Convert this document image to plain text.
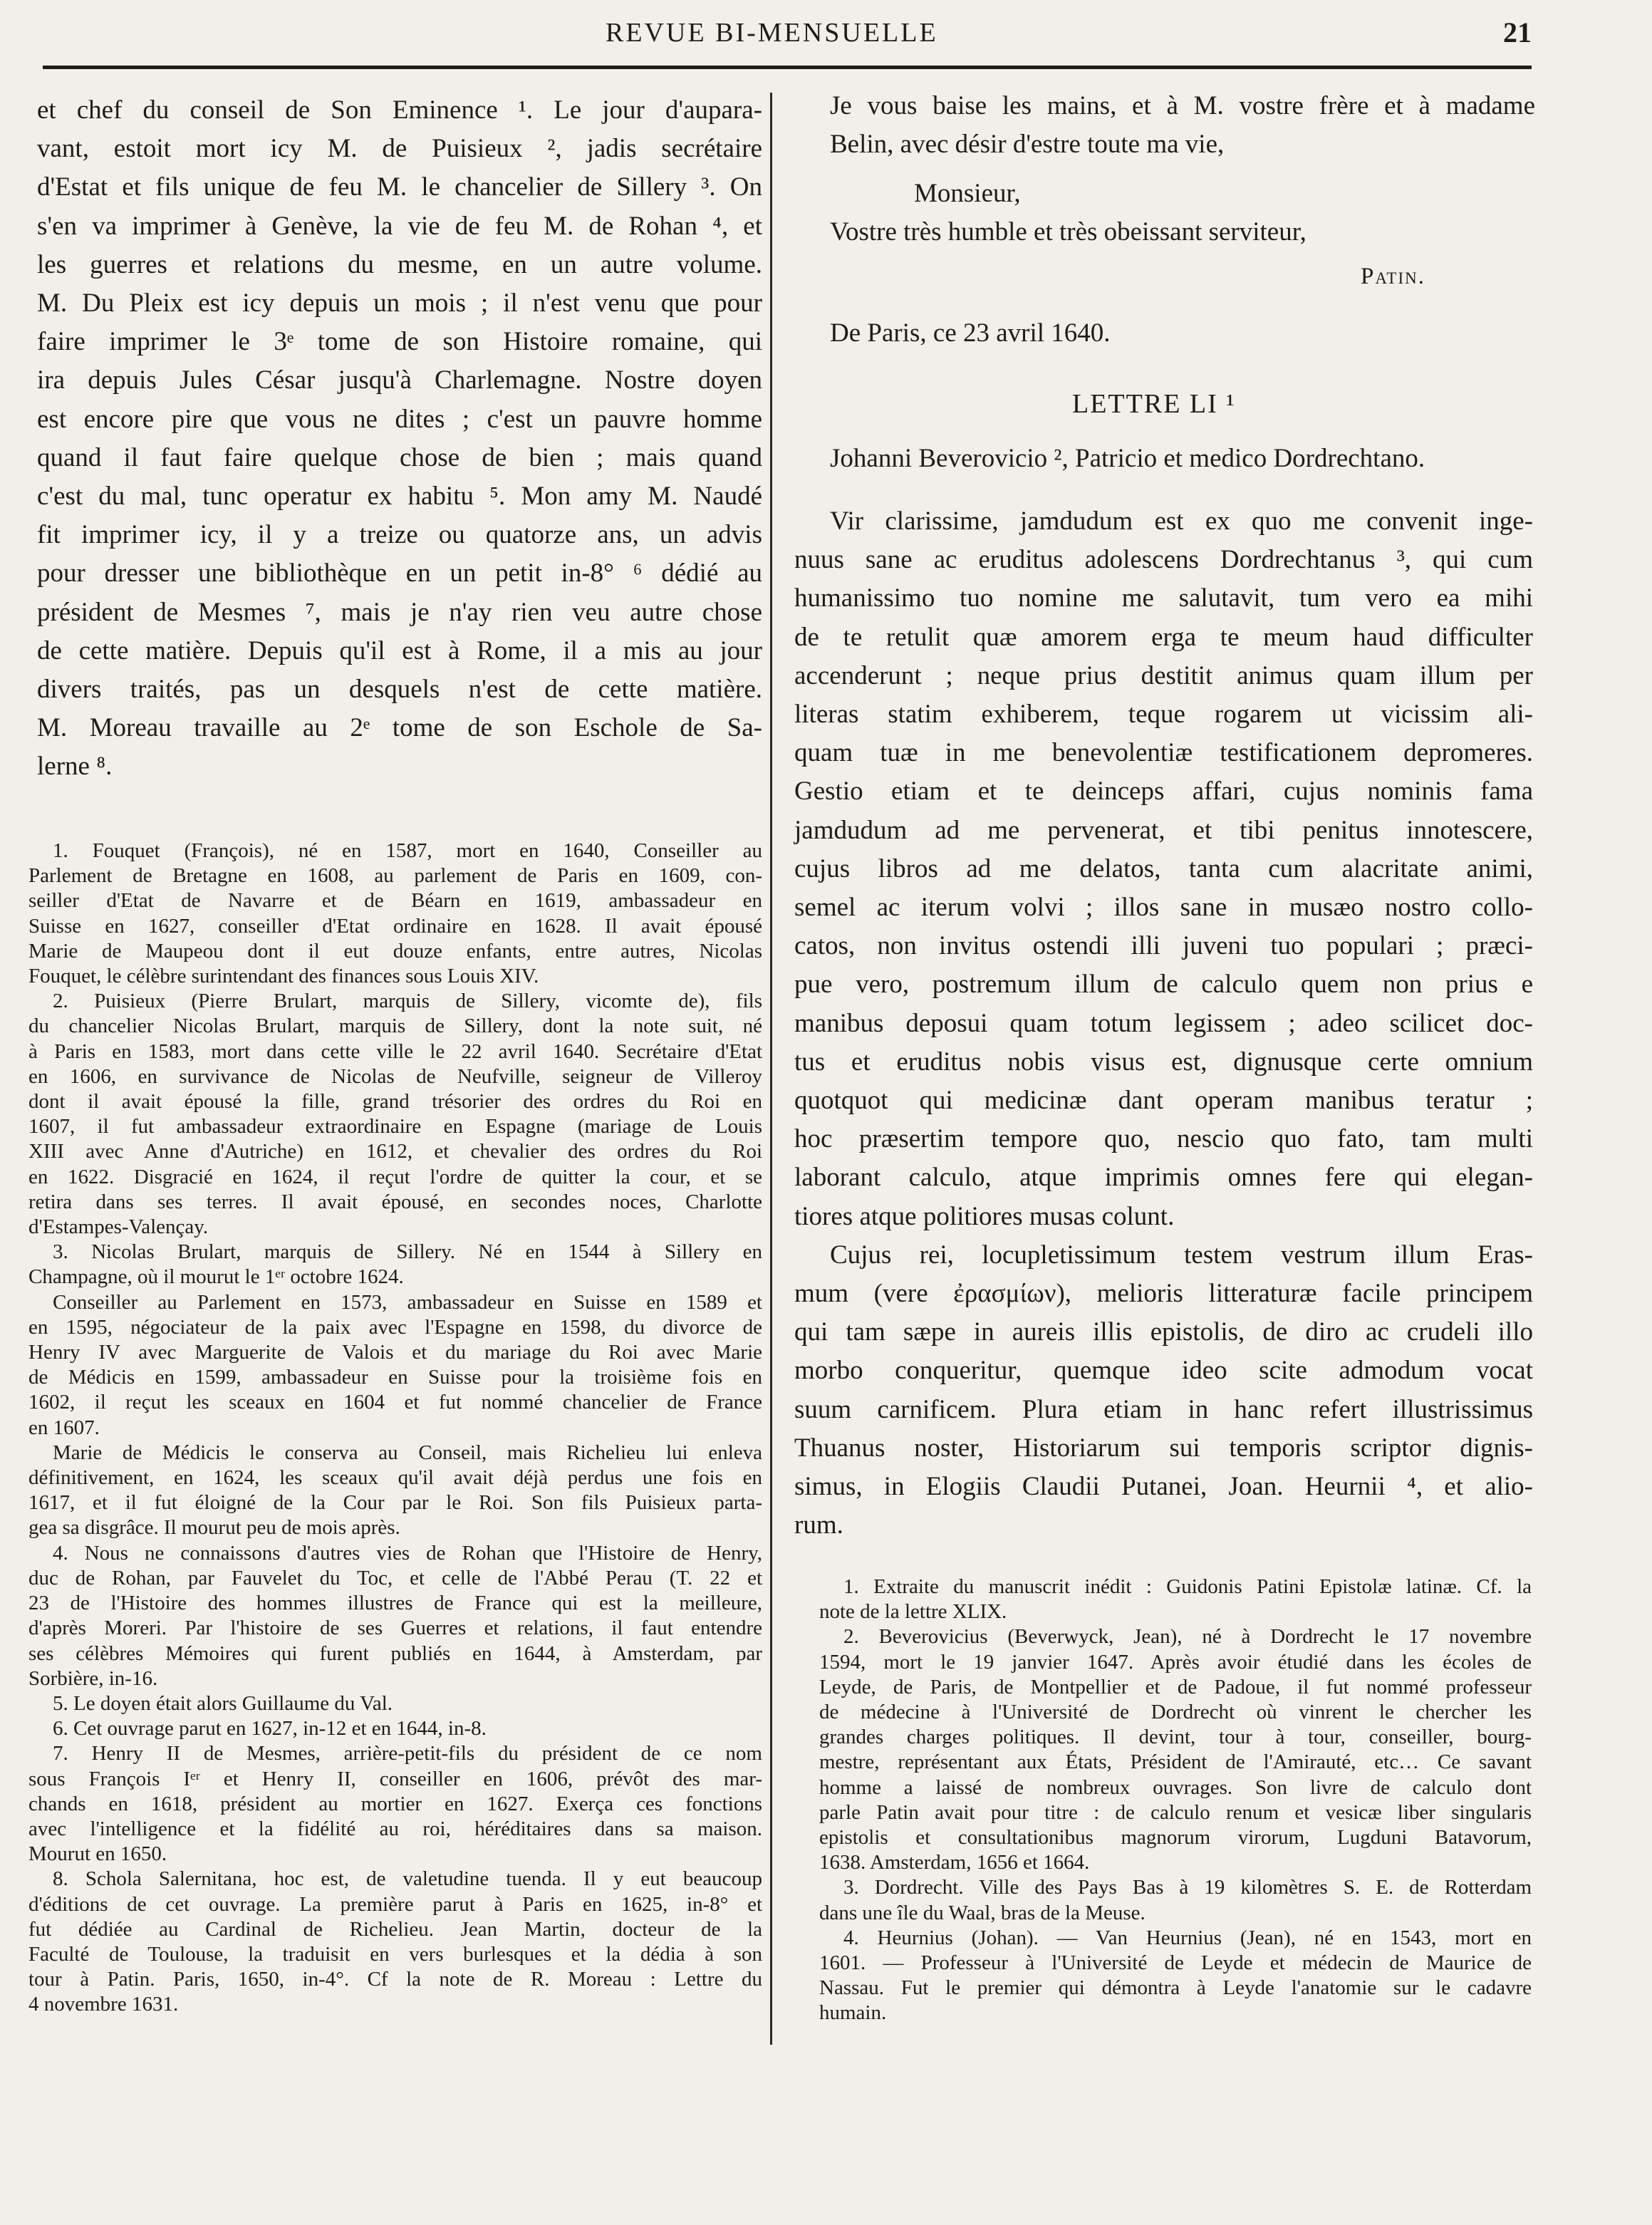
REVUE BI-MENSUELLE	21
et chef du conseil de Son Eminence ¹. Le jour d'aupara-
vant, estoit mort icy M. de Puisieux ², jadis secrétaire
d'Estat et fils unique de feu M. le chancelier de Sillery ³. On
s'en va imprimer à Genève, la vie de feu M. de Rohan ⁴, et
les guerres et relations du mesme, en un autre volume.
M. Du Pleix est icy depuis un mois ; il n'est venu que pour
faire imprimer le 3ᵉ tome de son Histoire romaine, qui
ira depuis Jules César jusqu'à Charlemagne. Nostre doyen
est encore pire que vous ne dites ; c'est un pauvre homme
quand il faut faire quelque chose de bien ; mais quand
c'est du mal, tunc operatur ex habitu ⁵. Mon amy M. Naudé
fit imprimer icy, il y a treize ou quatorze ans, un advis
pour dresser une bibliothèque en un petit in-8° ⁶ dédié au
président de Mesmes ⁷, mais je n'ay rien veu autre chose
de cette matière. Depuis qu'il est à Rome, il a mis au jour
divers traités, pas un desquels n'est de cette matière.
M. Moreau travaille au 2ᵉ tome de son Eschole de Sa-
lerne ⁸.
1. Fouquet (François), né en 1587, mort en 1640, Conseiller au
Parlement de Bretagne en 1608, au parlement de Paris en 1609, con-
seiller d'Etat de Navarre et de Béarn en 1619, ambassadeur en
Suisse en 1627, conseiller d'Etat ordinaire en 1628. Il avait épousé
Marie de Maupeou dont il eut douze enfants, entre autres, Nicolas
Fouquet, le célèbre surintendant des finances sous Louis XIV.
2. Puisieux (Pierre Brulart, marquis de Sillery, vicomte de), fils
du chancelier Nicolas Brulart, marquis de Sillery, dont la note suit, né
à Paris en 1583, mort dans cette ville le 22 avril 1640. Secrétaire d'Etat
en 1606, en survivance de Nicolas de Neufville, seigneur de Villeroy
dont il avait épousé la fille, grand trésorier des ordres du Roi en
1607, il fut ambassadeur extraordinaire en Espagne (mariage de Louis
XIII avec Anne d'Autriche) en 1612, et chevalier des ordres du Roi
en 1622. Disgracié en 1624, il reçut l'ordre de quitter la cour, et se
retira dans ses terres. Il avait épousé, en secondes noces, Charlotte
d'Estampes-Valençay.
3. Nicolas Brulart, marquis de Sillery. Né en 1544 à Sillery en
Champagne, où il mourut le 1ᵉʳ octobre 1624.
Conseiller au Parlement en 1573, ambassadeur en Suisse en 1589 et
en 1595, négociateur de la paix avec l'Espagne en 1598, du divorce de
Henry IV avec Marguerite de Valois et du mariage du Roi avec Marie
de Médicis en 1599, ambassadeur en Suisse pour la troisième fois en
1602, il reçut les sceaux en 1604 et fut nommé chancelier de France
en 1607.
Marie de Médicis le conserva au Conseil, mais Richelieu lui enleva
définitivement, en 1624, les sceaux qu'il avait déjà perdus une fois en
1617, et il fut éloigné de la Cour par le Roi. Son fils Puisieux parta-
gea sa disgrâce. Il mourut peu de mois après.
4. Nous ne connaissons d'autres vies de Rohan que l'Histoire de Henry,
duc de Rohan, par Fauvelet du Toc, et celle de l'Abbé Perau (T. 22 et
23 de l'Histoire des hommes illustres de France qui est la meilleure,
d'après Moreri. Par l'histoire de ses Guerres et relations, il faut entendre
ses célèbres Mémoires qui furent publiés en 1644, à Amsterdam, par
Sorbière, in-16.
5. Le doyen était alors Guillaume du Val.
6. Cet ouvrage parut en 1627, in-12 et en 1644, in-8.
7. Henry II de Mesmes, arrière-petit-fils du président de ce nom
sous François Iᵉʳ et Henry II, conseiller en 1606, prévôt des mar-
chands en 1618, président au mortier en 1627. Exerça ces fonctions
avec l'intelligence et la fidélité au roi, héréditaires dans sa maison.
Mourut en 1650.
8. Schola Salernitana, hoc est, de valetudine tuenda. Il y eut beaucoup
d'éditions de cet ouvrage. La première parut à Paris en 1625, in-8° et
fut dédiée au Cardinal de Richelieu. Jean Martin, docteur de la
Faculté de Toulouse, la traduisit en vers burlesques et la dédia à son
tour à Patin. Paris, 1650, in-4°. Cf la note de R. Moreau : Lettre du
4 novembre 1631.
Je vous baise les mains, et à M. vostre frère et à madame
Belin, avec désir d'estre toute ma vie,
Monsieur,
Vostre très humble et très obeissant serviteur,
Patin.
De Paris, ce 23 avril 1640.
LETTRE LI ¹
Johanni Beverovicio ², Patricio et medico Dordrechtano.
Vir clarissime, jamdudum est ex quo me convenit inge-
nuus sane ac eruditus adolescens Dordrechtanus ³, qui cum
humanissimo tuo nomine me salutavit, tum vero ea mihi
de te retulit quæ amorem erga te meum haud difficulter
accenderunt ; neque prius destitit animus quam illum per
literas statim exhiberem, teque rogarem ut vicissim ali-
quam tuæ in me benevolentiæ testificationem depromeres.
Gestio etiam et te deinceps affari, cujus nominis fama
jamdudum ad me pervenerat, et tibi penitus innotescere,
cujus libros ad me delatos, tanta cum alacritate animi,
semel ac iterum volvi ; illos sane in musæo nostro collo-
catos, non invitus ostendi illi juveni tuo populari ; præci-
pue vero, postremum illum de calculo quem non prius e
manibus deposui quam totum legissem ; adeo scilicet doc-
tus et eruditus nobis visus est, dignusque certe omnium
quotquot qui medicinæ dant operam manibus teratur ;
hoc præsertim tempore quo, nescio quo fato, tam multi
laborant calculo, atque imprimis omnes fere qui elegan-
tiores atque politiores musas colunt.
Cujus rei, locupletissimum testem vestrum illum Eras-
mum (vere ἐρασμίων), melioris litteraturæ facile principem
qui tam sæpe in aureis illis epistolis, de diro ac crudeli illo
morbo conqueritur, quemque ideo scite admodum vocat
suum carnificem. Plura etiam in hanc refert illustrissimus
Thuanus noster, Historiarum sui temporis scriptor dignis-
simus, in Elogiis Claudii Putanei, Joan. Heurnii ⁴, et alio-
rum.
1. Extraite du manuscrit inédit : Guidonis Patini Epistolæ latinæ. Cf. la
note de la lettre XLIX.
2. Beverovicius (Beverwyck, Jean), né à Dordrecht le 17 novembre
1594, mort le 19 janvier 1647. Après avoir étudié dans les écoles de
Leyde, de Paris, de Montpellier et de Padoue, il fut nommé professeur
de médecine à l'Université de Dordrecht où vinrent le chercher les
grandes charges politiques. Il devint, tour à tour, conseiller, bourg-
mestre, représentant aux États, Président de l'Amirauté, etc… Ce savant
homme a laissé de nombreux ouvrages. Son livre de calculo dont
parle Patin avait pour titre : de calculo renum et vesicæ liber singularis
epistolis et consultationibus magnorum virorum, Lugduni Batavorum,
1638. Amsterdam, 1656 et 1664.
3. Dordrecht. Ville des Pays Bas à 19 kilomètres S. E. de Rotterdam
dans une île du Waal, bras de la Meuse.
4. Heurnius (Johan). — Van Heurnius (Jean), né en 1543, mort en
1601. — Professeur à l'Université de Leyde et médecin de Maurice de
Nassau. Fut le premier qui démontra à Leyde l'anatomie sur le cadavre
humain.
